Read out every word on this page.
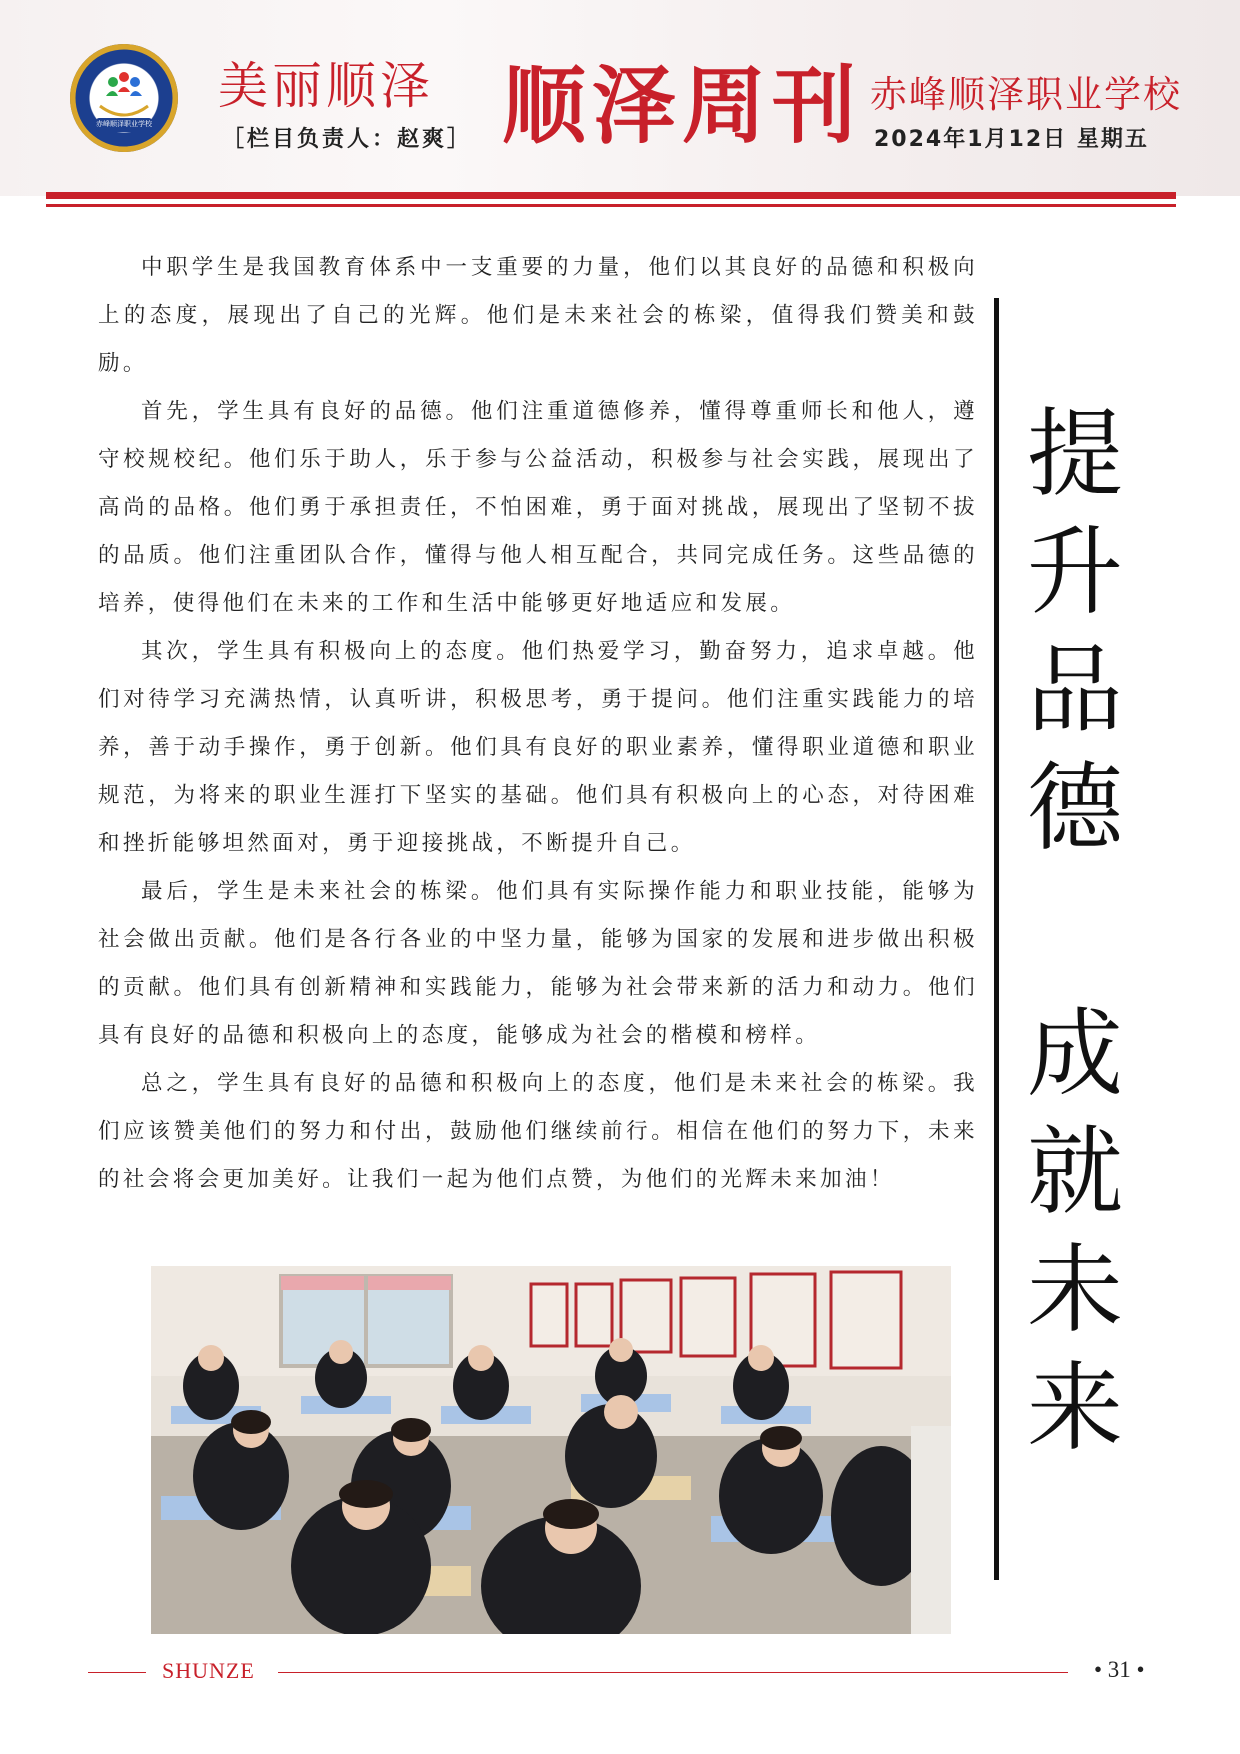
赤峰顺泽职业学校
美丽顺泽
［栏目负责人：赵爽］ 顺泽周刊 赤峰顺泽职业学校
2024年1月12日 星期五

中职学生是我国教育体系中一支重要的力量，他们以其良好的品德和积极向上的态度，展现出了自己的光辉。他们是未来社会的栋梁，值得我们赞美和鼓励。

首先，学生具有良好的品德。他们注重道德修养，懂得尊重师长和他人，遵守校规校纪。他们乐于助人，乐于参与公益活动，积极参与社会实践，展现出了高尚的品格。他们勇于承担责任，不怕困难，勇于面对挑战，展现出了坚韧不拔的品质。他们注重团队合作，懂得与他人相互配合，共同完成任务。这些品德的培养，使得他们在未来的工作和生活中能够更好地适应和发展。

其次，学生具有积极向上的态度。他们热爱学习，勤奋努力，追求卓越。他们对待学习充满热情，认真听讲，积极思考，勇于提问。他们注重实践能力的培养，善于动手操作，勇于创新。他们具有良好的职业素养，懂得职业道德和职业规范，为将来的职业生涯打下坚实的基础。他们具有积极向上的心态，对待困难和挫折能够坦然面对，勇于迎接挑战，不断提升自己。

最后，学生是未来社会的栋梁。他们具有实际操作能力和职业技能，能够为社会做出贡献。他们是各行各业的中坚力量，能够为国家的发展和进步做出积极的贡献。他们具有创新精神和实践能力，能够为社会带来新的活力和动力。他们具有良好的品德和积极向上的态度，能够成为社会的楷模和榜样。

总之，学生具有良好的品德和积极向上的态度，他们是未来社会的栋梁。我们应该赞美他们的努力和付出，鼓励他们继续前行。相信在他们的努力下，未来的社会将会更加美好。让我们一起为他们点赞，为他们的光辉未来加油！

提
升
品
德
成
就
未
来
SHUNZE	• 31 •
